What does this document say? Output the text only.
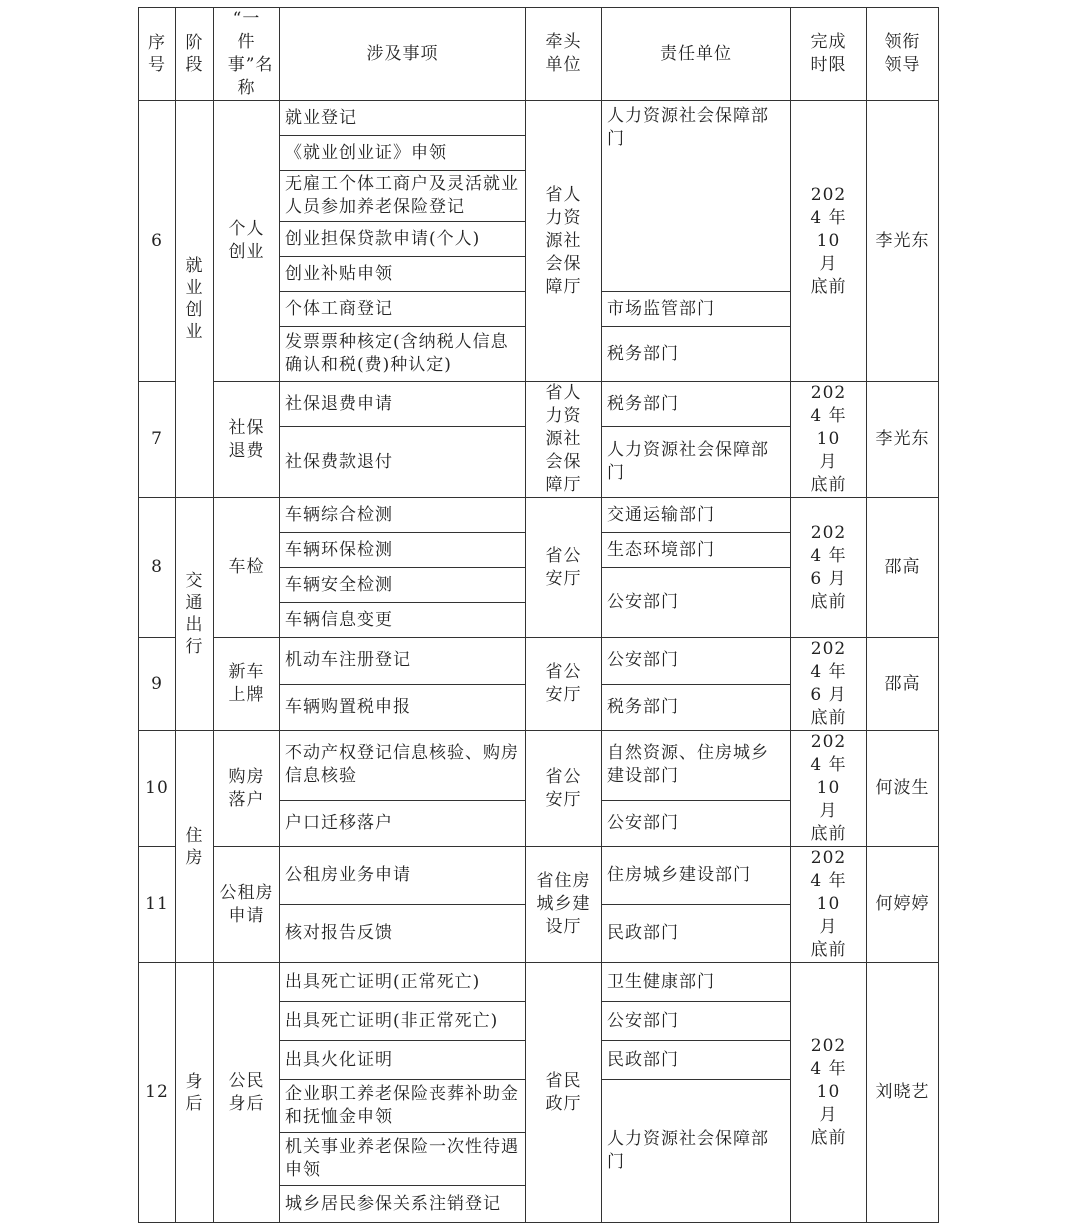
序号	阶段	“一件事”名称	涉及事项	牵头单位	责任单位	完成时限	领衔领导

6	就业创业	个人创业	就业登记	省人力资源社会保障厅	人力资源社会保障部门	2024 年 10 月 底前	李光东
			《就业创业证》申领				
			无雇工个体工商户及灵活就业人员参加养老保险登记				
			创业担保贷款申请(个人)				
			创业补贴申领				
			个体工商登记		市场监管部门		
			发票票种核定(含纳税人信息确认和税(费)种认定)		税务部门		
7		社保退费	社保退费申请	省人力资源社会保障厅	税务部门	2024 年 10 月 底前	李光东
			社保费款退付		人力资源社会保障部门		
8	交通出行	车检	车辆综合检测	省公安厅	交通运输部门	2024 年 6 月 底前	邵高
			车辆环保检测		生态环境部门		
			车辆安全检测		公安部门		
			车辆信息变更				
9		新车上牌	机动车注册登记	省公安厅	公安部门	2024 年 6 月 底前	邵高
			车辆购置税申报		税务部门		
10	住房	购房落户	不动产权登记信息核验、购房信息核验	省公安厅	自然资源、住房城乡建设部门	2024 年 10 月 底前	何波生
			户口迁移落户		公安部门		
11		公租房申请	公租房业务申请	省住房城乡建设厅	住房城乡建设部门	2024 年 10 月 底前	何婷婷
			核对报告反馈		民政部门		
12	身后	公民身后	出具死亡证明(正常死亡)	省民政厅	卫生健康部门	2024 年 10 月 底前	刘晓艺
			出具死亡证明(非正常死亡)		公安部门		
			出具火化证明		民政部门		
			企业职工养老保险丧葬补助金和抚恤金申领		人力资源社会保障部门		
			机关事业养老保险一次性待遇申领				
			城乡居民参保关系注销登记				
